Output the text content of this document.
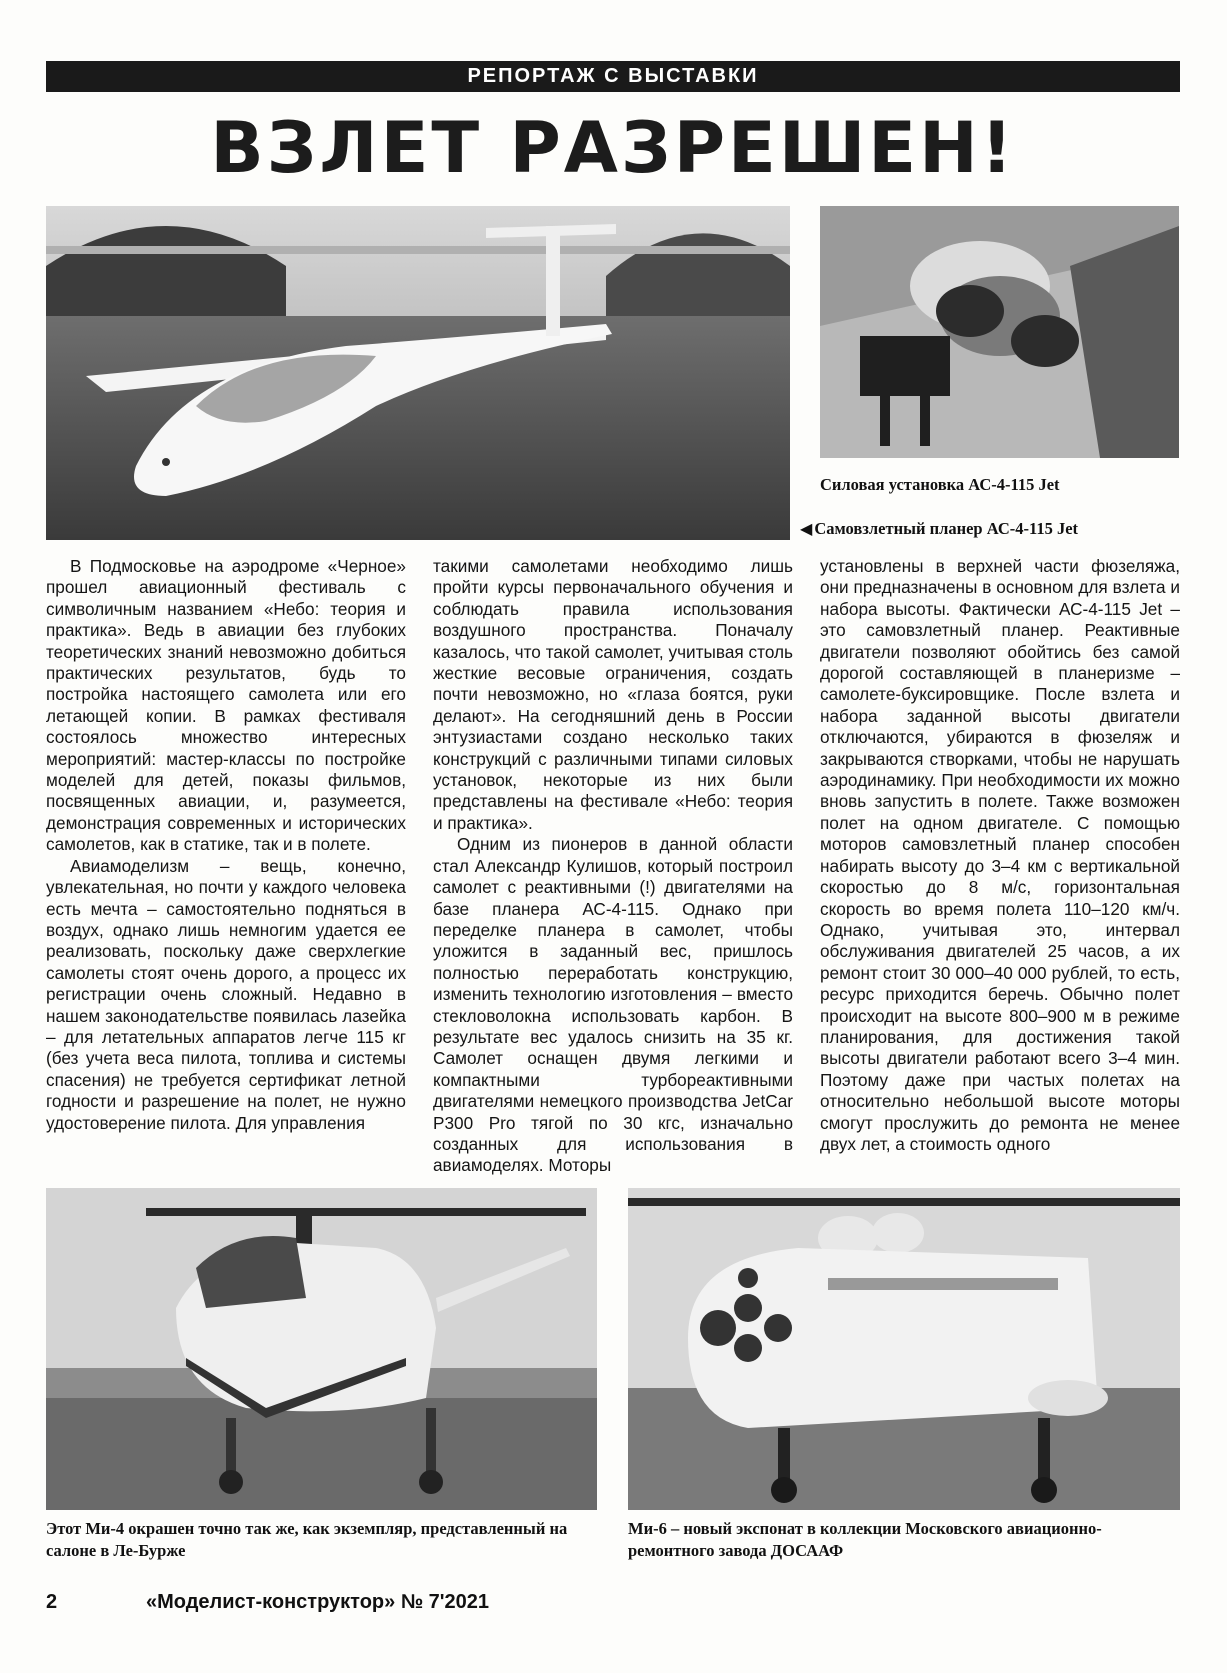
РЕПОРТАЖ С ВЫСТАВКИ
ВЗЛЕТ РАЗРЕШЕН!
Силовая установка АС-4-115 Jet
◀ Самовзлетный планер АС-4-115 Jet

В Подмосковье на аэродроме «Черное» прошел авиационный фестиваль с символичным названием «Небо: теория и практика». Ведь в авиации без глубоких теоретических знаний невозможно добиться практических результатов, будь то постройка настоящего самолета или его летающей копии. В рамках фестиваля состоялось множество интересных мероприятий: мастер-классы по постройке моделей для детей, показы фильмов, посвященных авиации, и, разумеется, демонстрация современных и исторических самолетов, как в статике, так и в полете.

Авиамоделизм – вещь, конечно, увлекательная, но почти у каждого человека есть мечта – самостоятельно подняться в воздух, однако лишь немногим удается ее реализовать, поскольку даже сверхлегкие самолеты стоят очень дорого, а процесс их регистрации очень сложный. Недавно в нашем законодательстве появилась лазейка – для летательных аппаратов легче 115 кг (без учета веса пилота, топлива и системы спасения) не требуется сертификат летной годности и разрешение на полет, не нужно удостоверение пилота. Для управления

такими самолетами необходимо лишь пройти курсы первоначального обучения и соблюдать правила использования воздушного пространства. Поначалу казалось, что такой самолет, учитывая столь жесткие весовые ограничения, создать почти невозможно, но «глаза боятся, руки делают». На сегодняшний день в России энтузиастами создано несколько таких конструкций с различными типами силовых установок, некоторые из них были представлены на фестивале «Небо: теория и практика».

Одним из пионеров в данной области стал Александр Кулишов, который построил самолет с реактивными (!) двигателями на базе планера АС-4-115. Однако при переделке планера в самолет, чтобы уложится в заданный вес, пришлось полностью переработать конструкцию, изменить технологию изготовления – вместо стекловолокна использовать карбон. В результате вес удалось снизить на 35 кг. Самолет оснащен двумя легкими и компактными турбореактивными двигателями немецкого производства JetCar P300 Pro тягой по 30 кгс, изначально созданных для использования в авиамоделях. Моторы

установлены в верхней части фюзеляжа, они предназначены в основном для взлета и набора высоты. Фактически АС-4-115 Jet – это самовзлетный планер. Реактивные двигатели позволяют обойтись без самой дорогой составляющей в планеризме – самолете-буксировщике. После взлета и набора заданной высоты двигатели отключаются, убираются в фюзеляж и закрываются створками, чтобы не нарушать аэродинамику. При необходимости их можно вновь запустить в полете. Также возможен полет на одном двигателе. С помощью моторов самовзлетный планер способен набирать высоту до 3–4 км с вертикальной скоростью до 8 м/с, горизонтальная скорость во время полета 110–120 км/ч. Однако, учитывая это, интервал обслуживания двигателей 25 часов, а их ремонт стоит 30 000–40 000 рублей, то есть, ресурс приходится беречь. Обычно полет происходит на высоте 800–900 м в режиме планирования, для достижения такой высоты двигатели работают всего 3–4 мин. Поэтому даже при частых полетах на относительно небольшой высоте моторы смогут прослужить до ремонта не менее двух лет, а стоимость одного

Этот Ми-4 окрашен точно так же, как экземпляр, представленный на салоне в Ле-Бурже
Ми-6 – новый экспонат в коллекции Московского авиационно-ремонтного завода ДОСААФ
2	«Моделист-конструктор» № 7'2021
